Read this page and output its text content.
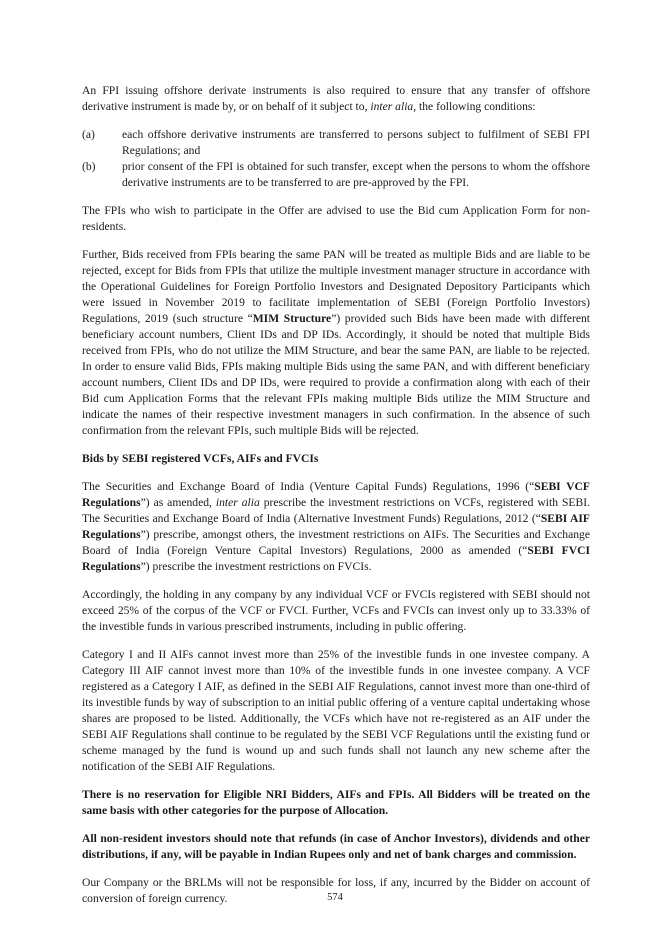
An FPI issuing offshore derivate instruments is also required to ensure that any transfer of offshore derivative instrument is made by, or on behalf of it subject to, inter alia, the following conditions:

(a)	each offshore derivative instruments are transferred to persons subject to fulfilment of SEBI FPI Regulations; and
(b)	prior consent of the FPI is obtained for such transfer, except when the persons to whom the offshore derivative instruments are to be transferred to are pre-approved by the FPI.

The FPIs who wish to participate in the Offer are advised to use the Bid cum Application Form for non-residents.

Further, Bids received from FPIs bearing the same PAN will be treated as multiple Bids and are liable to be rejected, except for Bids from FPIs that utilize the multiple investment manager structure in accordance with the Operational Guidelines for Foreign Portfolio Investors and Designated Depository Participants which were issued in November 2019 to facilitate implementation of SEBI (Foreign Portfolio Investors) Regulations, 2019 (such structure “MIM Structure”) provided such Bids have been made with different beneficiary account numbers, Client IDs and DP IDs. Accordingly, it should be noted that multiple Bids received from FPIs, who do not utilize the MIM Structure, and bear the same PAN, are liable to be rejected. In order to ensure valid Bids, FPIs making multiple Bids using the same PAN, and with different beneficiary account numbers, Client IDs and DP IDs, were required to provide a confirmation along with each of their Bid cum Application Forms that the relevant FPIs making multiple Bids utilize the MIM Structure and indicate the names of their respective investment managers in such confirmation. In the absence of such confirmation from the relevant FPIs, such multiple Bids will be rejected.

Bids by SEBI registered VCFs, AIFs and FVCIs

The Securities and Exchange Board of India (Venture Capital Funds) Regulations, 1996 (“SEBI VCF Regulations”) as amended, inter alia prescribe the investment restrictions on VCFs, registered with SEBI. The Securities and Exchange Board of India (Alternative Investment Funds) Regulations, 2012 (“SEBI AIF Regulations”) prescribe, amongst others, the investment restrictions on AIFs. The Securities and Exchange Board of India (Foreign Venture Capital Investors) Regulations, 2000 as amended (“SEBI FVCI Regulations”) prescribe the investment restrictions on FVCIs.

Accordingly, the holding in any company by any individual VCF or FVCIs registered with SEBI should not exceed 25% of the corpus of the VCF or FVCI. Further, VCFs and FVCIs can invest only up to 33.33% of the investible funds in various prescribed instruments, including in public offering.

Category I and II AIFs cannot invest more than 25% of the investible funds in one investee company. A Category III AIF cannot invest more than 10% of the investible funds in one investee company. A VCF registered as a Category I AIF, as defined in the SEBI AIF Regulations, cannot invest more than one-third of its investible funds by way of subscription to an initial public offering of a venture capital undertaking whose shares are proposed to be listed. Additionally, the VCFs which have not re-registered as an AIF under the SEBI AIF Regulations shall continue to be regulated by the SEBI VCF Regulations until the existing fund or scheme managed by the fund is wound up and such funds shall not launch any new scheme after the notification of the SEBI AIF Regulations.

There is no reservation for Eligible NRI Bidders, AIFs and FPIs. All Bidders will be treated on the same basis with other categories for the purpose of Allocation.

All non-resident investors should note that refunds (in case of Anchor Investors), dividends and other distributions, if any, will be payable in Indian Rupees only and net of bank charges and commission.

Our Company or the BRLMs will not be responsible for loss, if any, incurred by the Bidder on account of conversion of foreign currency.	574
